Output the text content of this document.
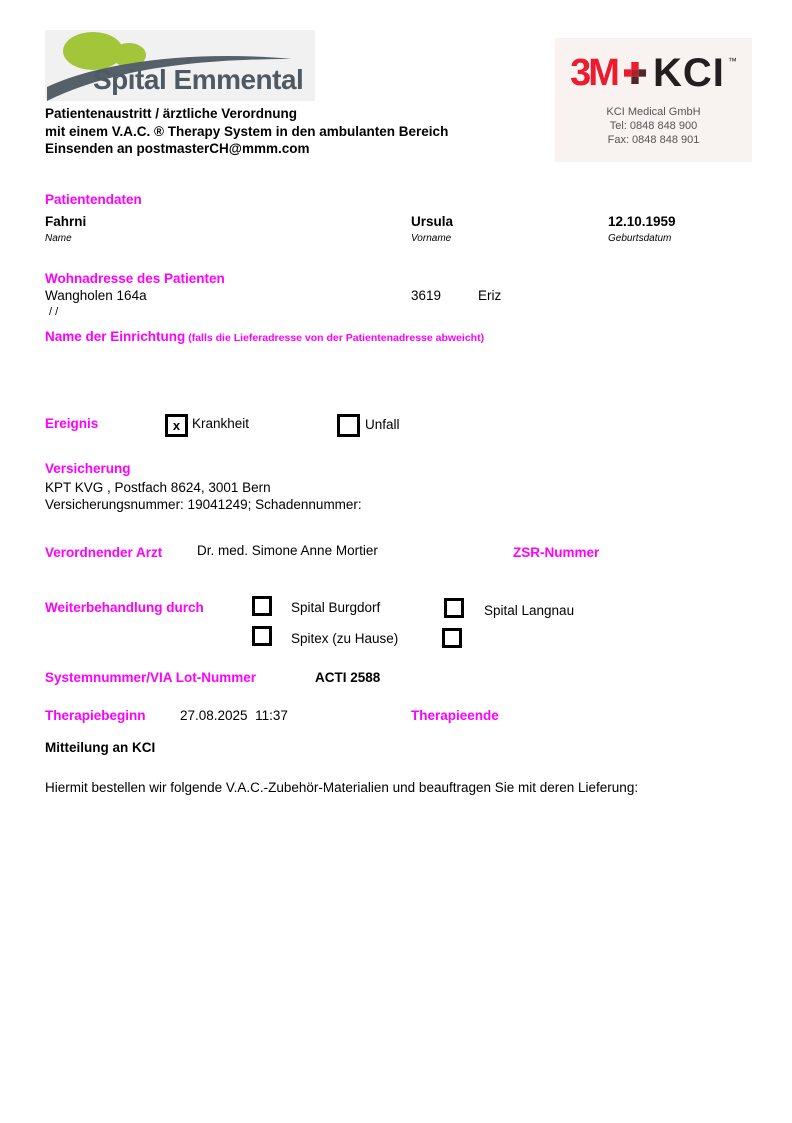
Spital Emmental
Patientenaustritt / ärztliche Verordnung
mit einem V.A.C. ® Therapy System in den ambulanten Bereich
Einsenden an postmasterCH@mmm.com
3M KCI ™
KCI Medical GmbH
Tel: 0848 848 900
Fax: 0848 848 901
Patientendaten
Fahrni	Ursula	12.10.1959
Name	Vorname	Geburtsdatum
Wohnadresse des Patienten
Wangholen 164a	3619	Eriz
/ /
Name der Einrichtung (falls die Lieferadresse von der Patientenadresse abweicht)
Ereignis	x Krankheit	Unfall
Versicherung
KPT KVG , Postfach 8624, 3001 Bern
Versicherungsnummer: 19041249; Schadennummer:
Verordnender Arzt	Dr. med. Simone Anne Mortier	ZSR-Nummer
Weiterbehandlung durch	Spital Burgdorf	Spital Langnau
Spitex (zu Hause)
Systemnummer/VIA Lot-Nummer	ACTI 2588
Therapiebeginn	27.08.2025  11:37	Therapieende
Mitteilung an KCI
Hiermit bestellen wir folgende V.A.C.-Zubehör-Materialien und beauftragen Sie mit deren Lieferung:
